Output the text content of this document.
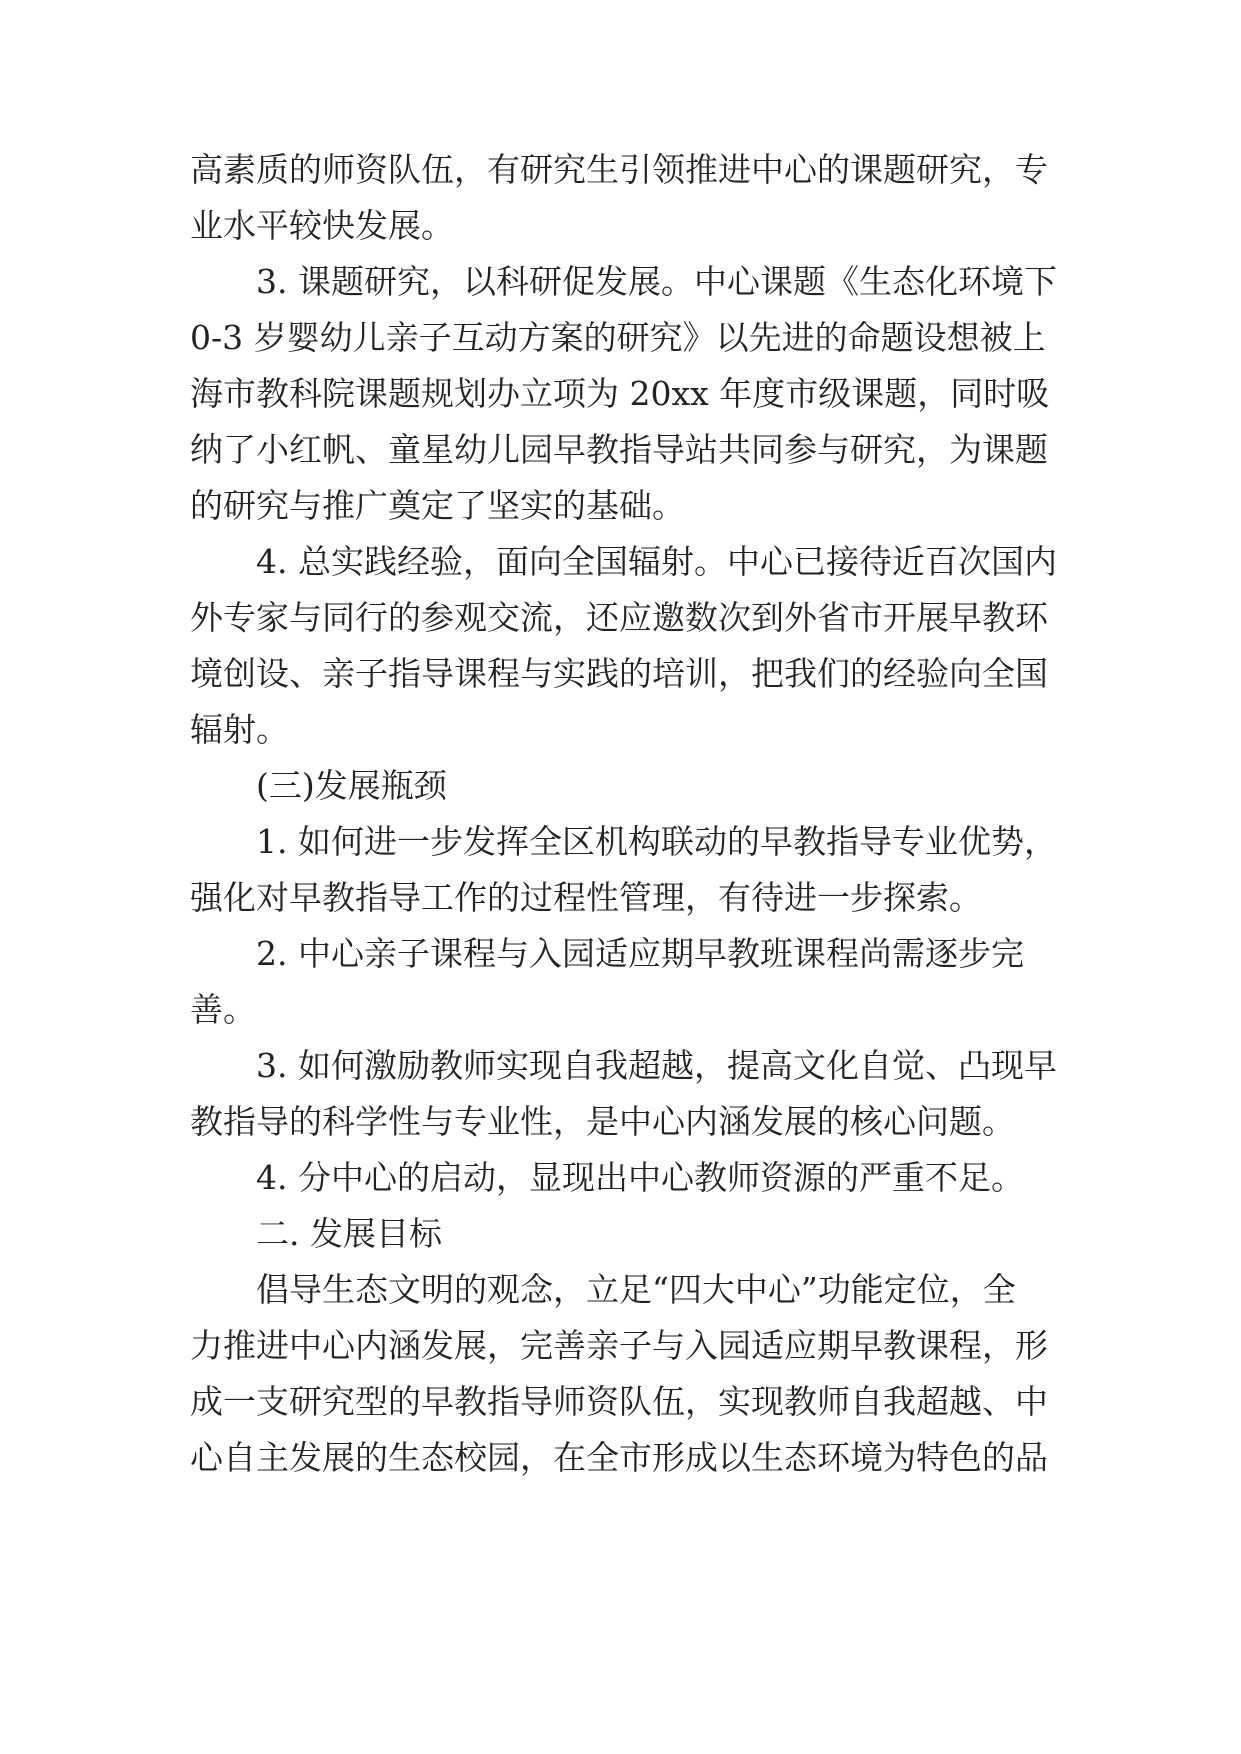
高素质的师资队伍，有研究生引领推进中心的课题研究，专
业水平较快发展。
3. 课题研究，以科研促发展。中心课题《生态化环境下
0-3 岁婴幼儿亲子互动方案的研究》以先进的命题设想被上
海市教科院课题规划办立项为 20xx 年度市级课题，同时吸
纳了小红帆、童星幼儿园早教指导站共同参与研究，为课题
的研究与推广奠定了坚实的基础。
4. 总实践经验，面向全国辐射。中心已接待近百次国内
外专家与同行的参观交流，还应邀数次到外省市开展早教环
境创设、亲子指导课程与实践的培训，把我们的经验向全国
辐射。
(三)发展瓶颈
1. 如何进一步发挥全区机构联动的早教指导专业优势，
强化对早教指导工作的过程性管理，有待进一步探索。
2. 中心亲子课程与入园适应期早教班课程尚需逐步完
善。
3. 如何激励教师实现自我超越，提高文化自觉、凸现早
教指导的科学性与专业性，是中心内涵发展的核心问题。
4. 分中心的启动，显现出中心教师资源的严重不足。
二. 发展目标
倡导生态文明的观念，立足“四大中心”功能定位，全
力推进中心内涵发展，完善亲子与入园适应期早教课程，形
成一支研究型的早教指导师资队伍，实现教师自我超越、中
心自主发展的生态校园，在全市形成以生态环境为特色的品
